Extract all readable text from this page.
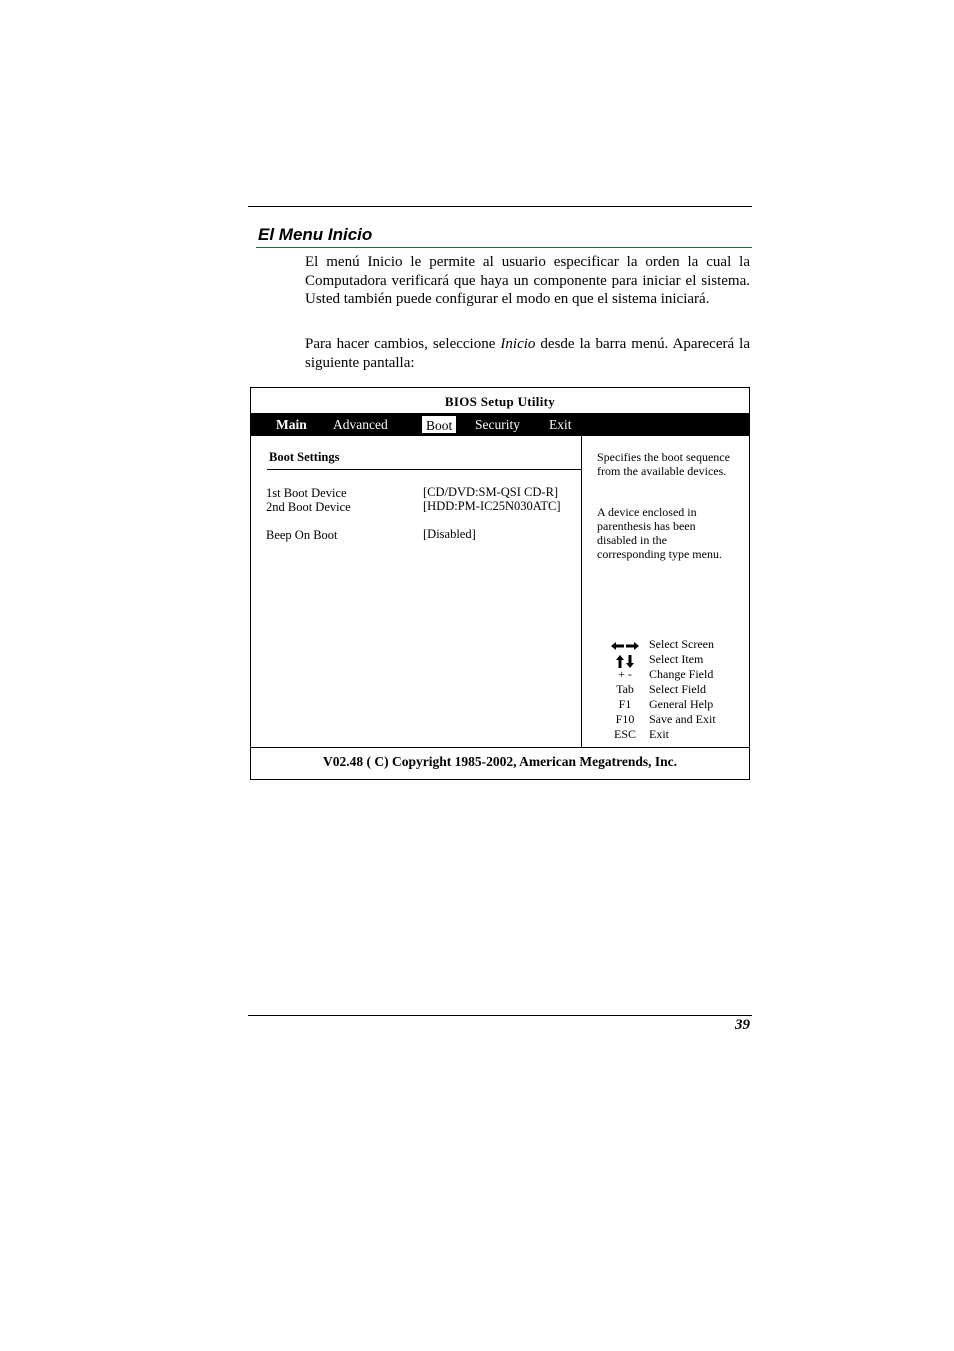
El Menu Inicio

El menú Inicio le permite al usuario especificar la orden la cual la Computadora verificará que haya un componente para iniciar el sistema. Usted también puede configurar el modo en que el sistema iniciará.

Para hacer cambios, seleccione Inicio desde la barra menú. Aparecerá la siguiente pantalla:

BIOS Setup Utility
Main Advanced	Boot	Security Exit
Boot Settings
1st Boot Device	[CD/DVD:SM-QSI CD-R]
2nd Boot Device	[HDD:PM-IC25N030ATC]
Beep On Boot	[Disabled]

Specifies the boot sequence from the available devices.

A device enclosed in parenthesis has been disabled in the corresponding type menu.

Select Screen
Select Item
+ -	Change Field
Tab	Select Field
F1	General Help
F10	Save and Exit
ESC	Exit
V02.48 ( C) Copyright 1985-2002, American Megatrends, Inc.
39
